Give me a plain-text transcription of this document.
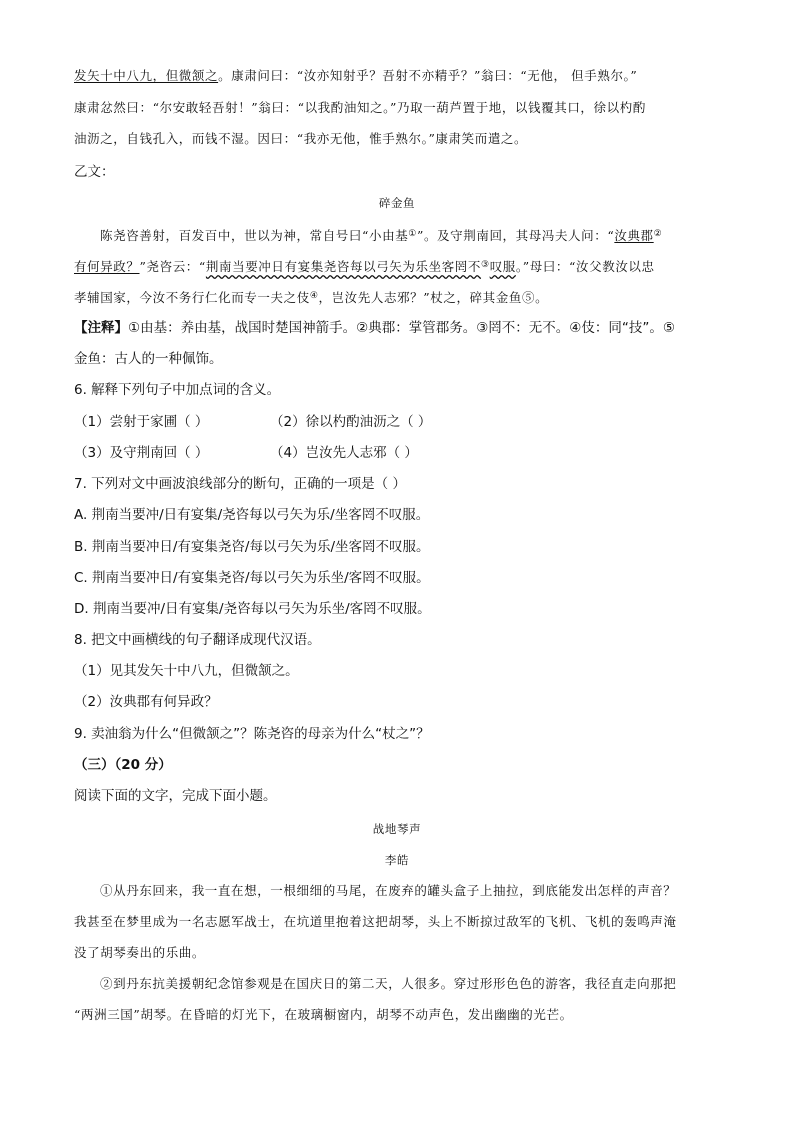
发矢十中八九，但微颔之。康肃问曰：“汝亦知射乎？吾射不亦精乎？”翁曰：“无他， 但手熟尔。”
康肃忿然曰：“尔安敢轻吾射！”翁曰：“以我酌油知之。”乃取一葫芦置于地，以钱覆其口，徐以杓酌
油沥之，自钱孔入，而钱不湿。因曰：“我亦无他，惟手熟尔。”康肃笑而遣之。
乙文：
碎金鱼
陈尧咨善射，百发百中，世以为神，常自号曰“小由基①”。及守荆南回，其母冯夫人问：“汝典郡②
有何异政？”尧咨云：“荆南当要冲日有宴集尧咨每以弓矢为乐坐客罔不③叹服。”母曰：“汝父教汝以忠
孝辅国家，今汝不务行仁化而专一夫之伎④，岂汝先人志邪？”杖之，碎其金鱼⑤。
【注释】①由基：养由基，战国时楚国神箭手。②典郡：掌管郡务。③罔不：无不。④伎：同“技”。⑤
金鱼：古人的一种佩饰。
6. 解释下列句子中加点词的含义。
（1）尝射于家圃（ ）	（2）徐以杓酌油沥之（ ）
（3）及守荆南回（ ）	（4）岂汝先人志邪（ ）
7. 下列对文中画波浪线部分的断句，正确的一项是（ ）
A. 荆南当要冲/日有宴集/尧咨每以弓矢为乐/坐客罔不叹服。
B. 荆南当要冲日/有宴集尧咨/每以弓矢为乐/坐客罔不叹服。
C. 荆南当要冲日/有宴集尧咨/每以弓矢为乐坐/客罔不叹服。
D. 荆南当要冲/日有宴集/尧咨每以弓矢为乐坐/客罔不叹服。
8. 把文中画横线的句子翻译成现代汉语。
（1）见其发矢十中八九，但微颔之。
（2）汝典郡有何异政？
9. 卖油翁为什么“但微颔之”？陈尧咨的母亲为什么“杖之”？
（三）（20 分）
阅读下面的文字，完成下面小题。
战地琴声
李皓
①从丹东回来，我一直在想，一根细细的马尾，在废弃的罐头盒子上抽拉，到底能发出怎样的声音？
我甚至在梦里成为一名志愿军战士，在坑道里抱着这把胡琴，头上不断掠过敌军的飞机、飞机的轰鸣声淹
没了胡琴奏出的乐曲。
②到丹东抗美援朝纪念馆参观是在国庆日的第二天，人很多。穿过形形色色的游客，我径直走向那把
“两洲三国”胡琴。在昏暗的灯光下，在玻璃橱窗内，胡琴不动声色，发出幽幽的光芒。
